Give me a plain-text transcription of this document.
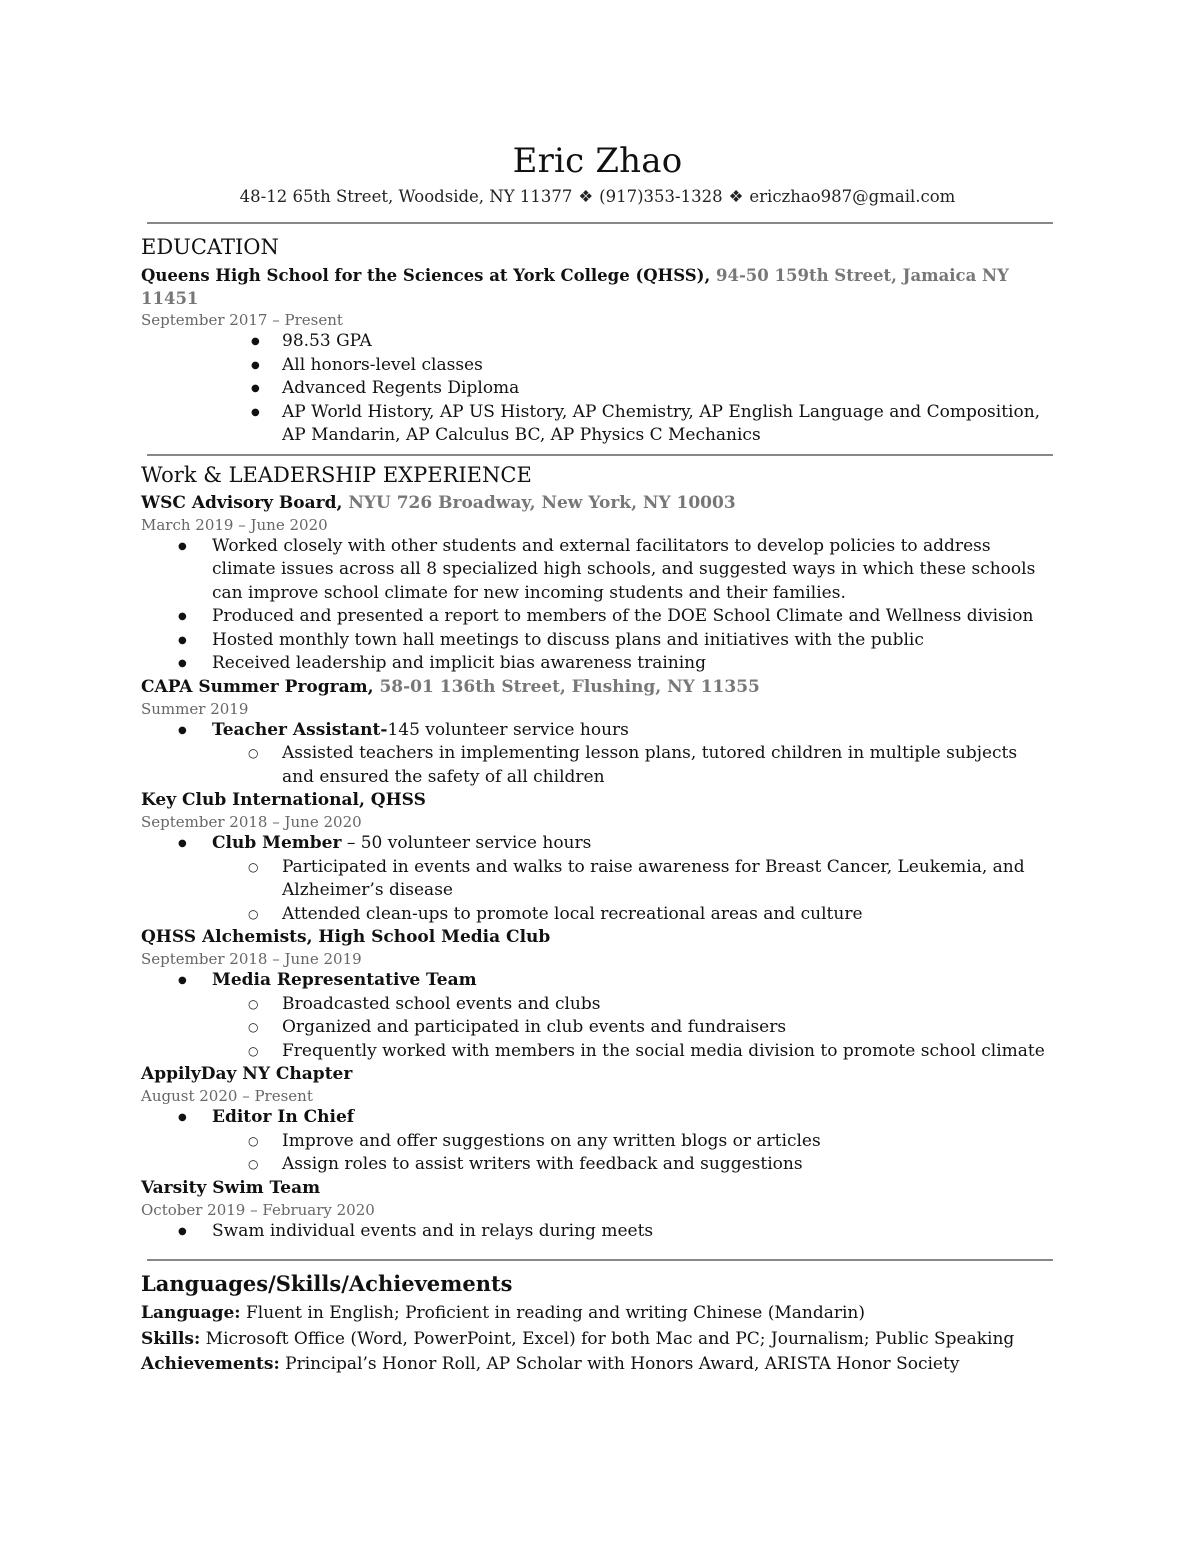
Eric Zhao
48-12 65th Street, Woodside, NY 11377 ❖ (917)353-1328 ❖ ericzhao987@gmail.com
EDUCATION
Queens High School for the Sciences at York College (QHSS), 94-50 159th Street, Jamaica NY 11451
September 2017 – Present
● 98.53 GPA
● All honors-level classes
● Advanced Regents Diploma
● AP World History, AP US History, AP Chemistry, AP English Language and Composition, AP Mandarin, AP Calculus BC, AP Physics C Mechanics
Work & LEADERSHIP EXPERIENCE
WSC Advisory Board, NYU 726 Broadway, New York, NY 10003
March 2019 – June 2020
● Worked closely with other students and external facilitators to develop policies to address climate issues across all 8 specialized high schools, and suggested ways in which these schools can improve school climate for new incoming students and their families.
● Produced and presented a report to members of the DOE School Climate and Wellness division
● Hosted monthly town hall meetings to discuss plans and initiatives with the public
● Received leadership and implicit bias awareness training
CAPA Summer Program, 58-01 136th Street, Flushing, NY 11355
Summer 2019
● Teacher Assistant-145 volunteer service hours
○ Assisted teachers in implementing lesson plans, tutored children in multiple subjects and ensured the safety of all children
Key Club International, QHSS
September 2018 – June 2020
● Club Member – 50 volunteer service hours
○ Participated in events and walks to raise awareness for Breast Cancer, Leukemia, and Alzheimer’s disease
○ Attended clean-ups to promote local recreational areas and culture
QHSS Alchemists, High School Media Club
September 2018 – June 2019
● Media Representative Team
○ Broadcasted school events and clubs
○ Organized and participated in club events and fundraisers
○ Frequently worked with members in the social media division to promote school climate
AppilyDay NY Chapter
August 2020 – Present
● Editor In Chief
○ Improve and offer suggestions on any written blogs or articles
○ Assign roles to assist writers with feedback and suggestions
Varsity Swim Team
October 2019 – February 2020
● Swam individual events and in relays during meets
Languages/Skills/Achievements

Language: Fluent in English; Proficient in reading and writing Chinese (Mandarin)

Skills: Microsoft Office (Word, PowerPoint, Excel) for both Mac and PC; Journalism; Public Speaking

Achievements: Principal’s Honor Roll, AP Scholar with Honors Award, ARISTA Honor Society
